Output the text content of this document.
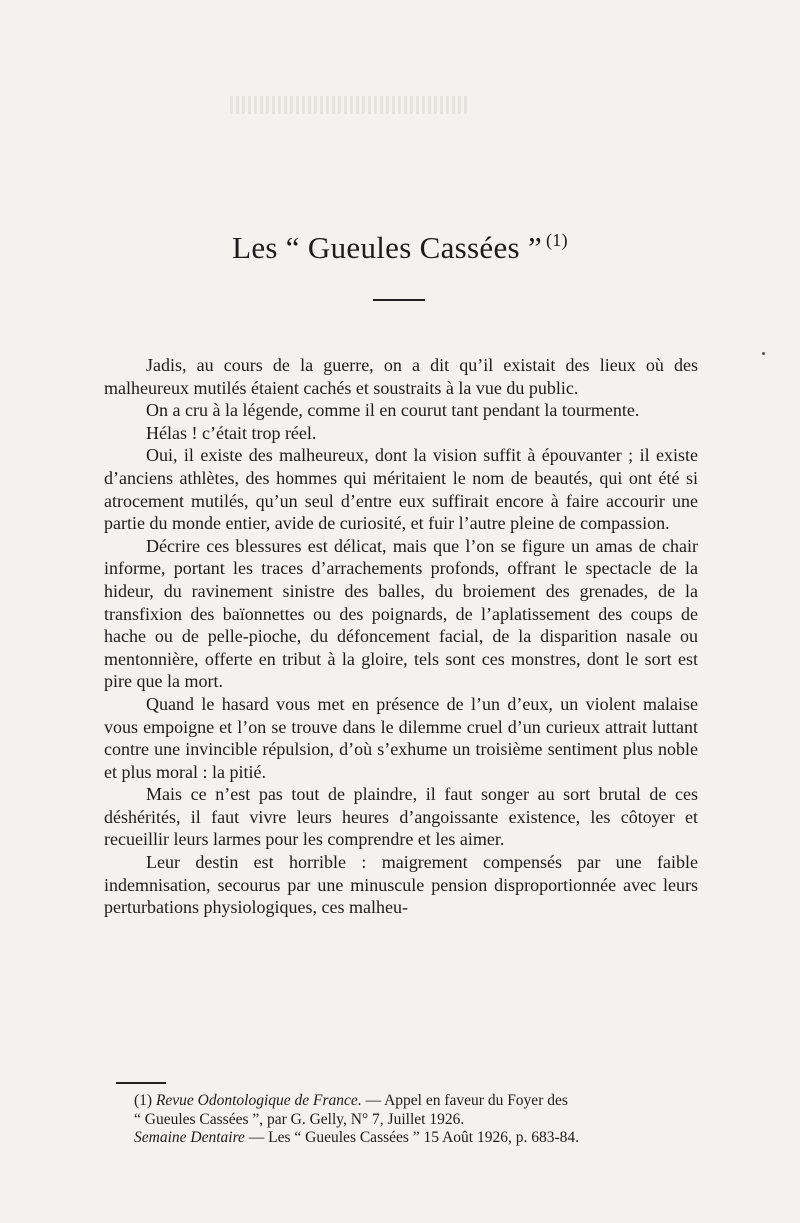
Les “ Gueules Cassées ” $^{(1)}$

Jadis, au cours de la guerre, on a dit qu’il existait des lieux où des malheureux mutilés étaient cachés et soustraits à la vue du public.

On a cru à la légende, comme il en courut tant pendant la tourmente.

Hélas ! c’était trop réel.

Oui, il existe des malheureux, dont la vision suffit à épouvanter ; il existe d’anciens athlètes, des hommes qui méritaient le nom de beautés, qui ont été si atrocement mutilés, qu’un seul d’entre eux suffirait encore à faire accourir une partie du monde entier, avide de curiosité, et fuir l’autre pleine de compassion.

Décrire ces blessures est délicat, mais que l’on se figure un amas de chair informe, portant les traces d’arrachements profonds, offrant le spectacle de la hideur, du ravinement sinistre des balles, du broiement des grenades, de la transfixion des baïonnettes ou des poignards, de l’aplatissement des coups de hache ou de pelle-pioche, du défoncement facial, de la disparition nasale ou mentonnière, offerte en tribut à la gloire, tels sont ces monstres, dont le sort est pire que la mort.

Quand le hasard vous met en présence de l’un d’eux, un violent malaise vous empoigne et l’on se trouve dans le dilemme cruel d’un curieux attrait luttant contre une invincible répulsion, d’où s’exhume un troisième sentiment plus noble et plus moral : la pitié.

Mais ce n’est pas tout de plaindre, il faut songer au sort brutal de ces déshérités, il faut vivre leurs heures d’angoissante existence, les côtoyer et recueillir leurs larmes pour les comprendre et les aimer.

Leur destin est horrible : maigrement compensés par une faible indemnisation, secourus par une minuscule pension disproportionnée avec leurs perturbations physiologiques, ces malheu-

(1) Revue Odontologique de France. — Appel en faveur du Foyer des
“ Gueules Cassées ”, par G. Gelly, N° 7, Juillet 1926.
Semaine Dentaire — Les “ Gueules Cassées ” 15 Août 1926, p. 683-84.
